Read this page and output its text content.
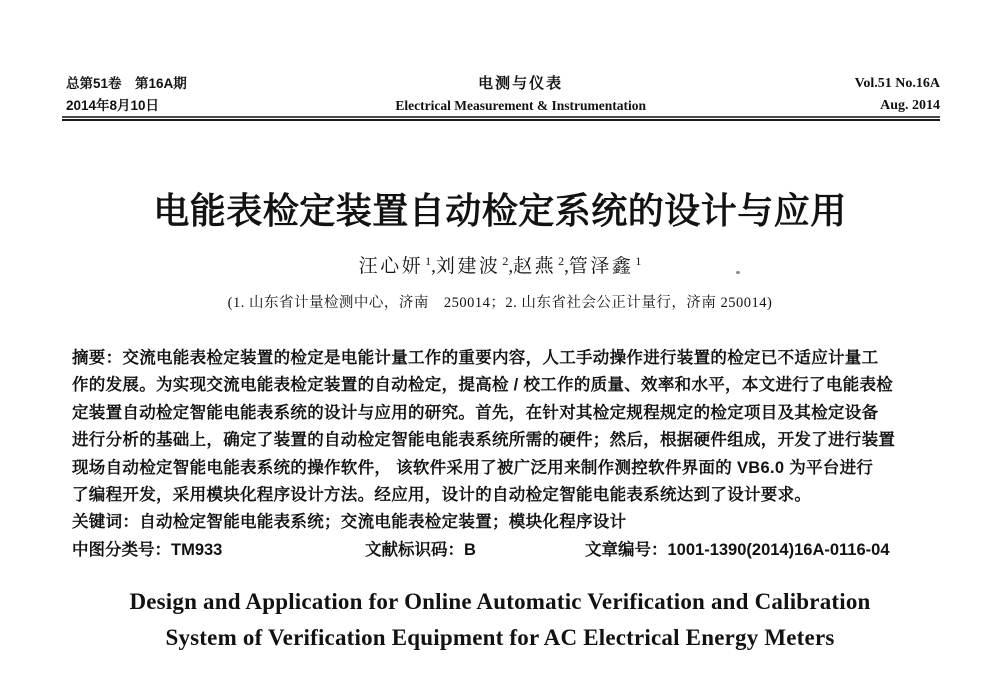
总第51卷　第16A期
2014年8月10日
电测与仪表
Electrical Measurement & Instrumentation
Vol.51 No.16A
Aug. 2014
电能表检定装置自动检定系统的设计与应用
汪心妍 $^1$,刘建波 $^2$,赵燕 $^2$,管泽鑫 $^1$
(1. 山东省计量检测中心，济南　250014；2. 山东省社会公正计量行，济南 250014)
摘要：交流电能表检定装置的检定是电能计量工作的重要内容，人工手动操作进行装置的检定已不适应计量工
作的发展。为实现交流电能表检定装置的自动检定，提高检 / 校工作的质量、效率和水平，本文进行了电能表检
定装置自动检定智能电能表系统的设计与应用的研究。首先，在针对其检定规程规定的检定项目及其检定设备
进行分析的基础上，确定了装置的自动检定智能电能表系统所需的硬件；然后，根据硬件组成，开发了进行装置
现场自动检定智能电能表系统的操作软件， 该软件采用了被广泛用来制作测控软件界面的 VB6.0 为平台进行
了编程开发，采用模块化程序设计方法。经应用，设计的自动检定智能电能表系统达到了设计要求。
关键词：自动检定智能电能表系统；交流电能表检定装置；模块化程序设计
中图分类号：TM933	文献标识码：B	文章编号：1001-1390(2014)16A-0116-04
Design and Application for Online Automatic Verification and Calibration
System of Verification Equipment for AC Electrical Energy Meters
